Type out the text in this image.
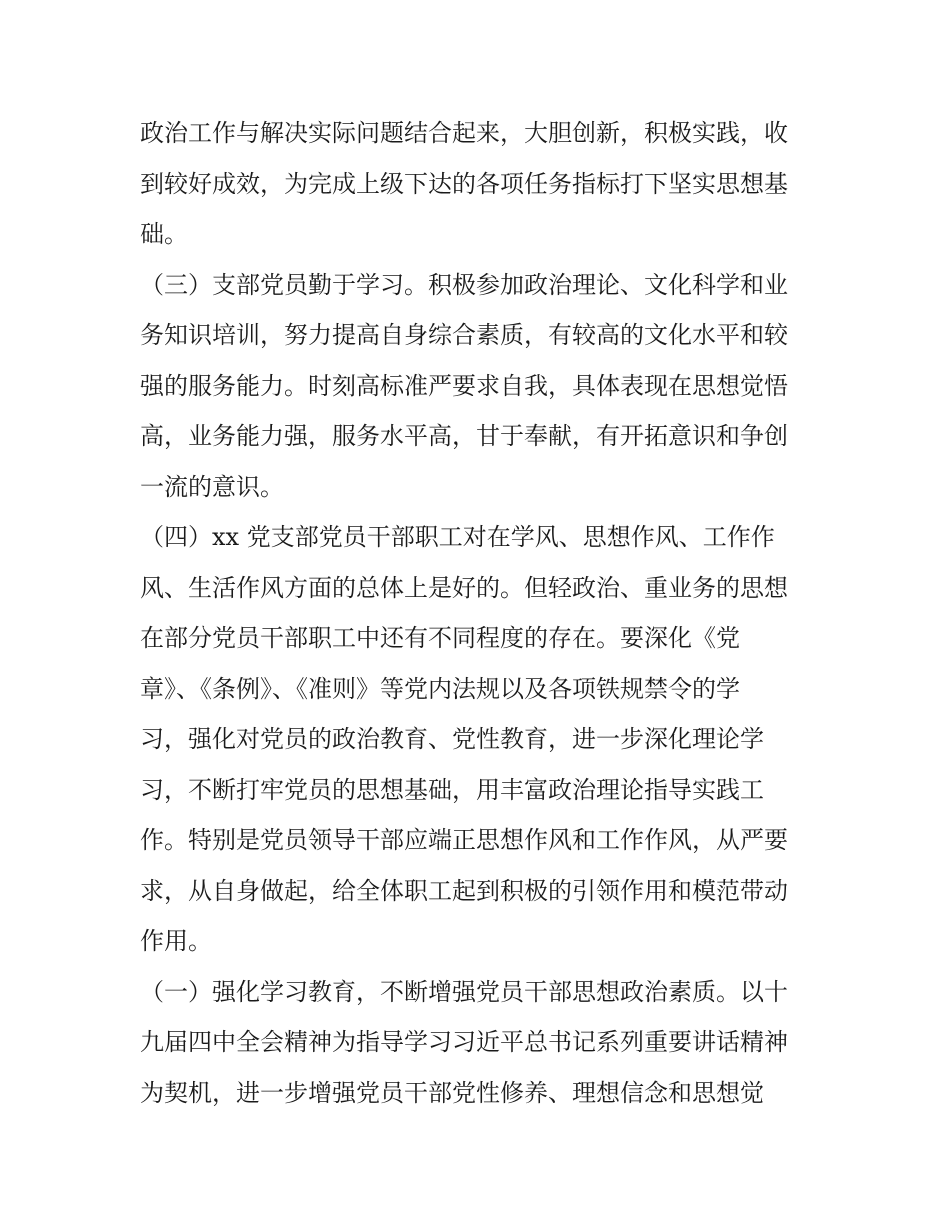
政治工作与解决实际问题结合起来，大胆创新，积极实践，收
到较好成效，为完成上级下达的各项任务指标打下坚实思想基
础。
（三）支部党员勤于学习。积极参加政治理论、文化科学和业
务知识培训，努力提高自身综合素质，有较高的文化水平和较
强的服务能力。时刻高标准严要求自我，具体表现在思想觉悟
高，业务能力强，服务水平高，甘于奉献，有开拓意识和争创
一流的意识。
（四）xx 党支部党员干部职工对在学风、思想作风、工作作
风、生活作风方面的总体上是好的。但轻政治、重业务的思想
在部分党员干部职工中还有不同程度的存在。要深化《党
章》、《条例》、《准则》等党内法规以及各项铁规禁令的学
习，强化对党员的政治教育、党性教育，进一步深化理论学
习，不断打牢党员的思想基础，用丰富政治理论指导实践工
作。特别是党员领导干部应端正思想作风和工作作风，从严要
求，从自身做起，给全体职工起到积极的引领作用和模范带动
作用。
（一）强化学习教育，不断增强党员干部思想政治素质。以十
九届四中全会精神为指导学习习近平总书记系列重要讲话精神
为契机，进一步增强党员干部党性修养、理想信念和思想觉
